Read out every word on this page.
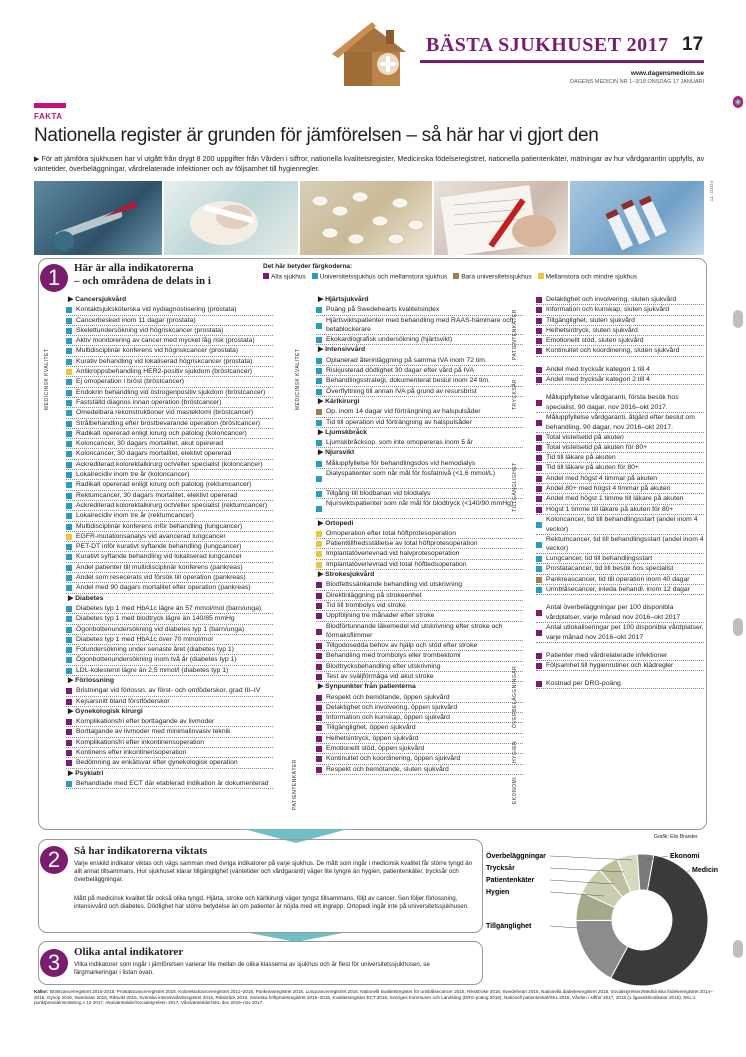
BÄSTA SJUKHUSET 2017 17
www.dagensmedicin.se
DAGENS MEDICIN NR 1–3/18 ONSDAG 17 JANUARI
FAKTA
Nationella register är grunden för jämförelsen – så här har vi gjort den

▶ För att jämföra sjukhusen har vi utgått från drygt 8 200 uppgifter från Vården i siffror, nationella kvalitetsregister, Medicinska födelseregistret, nationella patientenkäter, mätningar av hur vårdgarantin uppfylls, av väntetider, överbeläggningar, vårdrelaterade infektioner och av följsamhet till hygienregler.

FOTO: TT
1	Här är alla indikatorerna
– och områdena de delats in i
Det här betyder färgkoderna:
Alla sjukhus Universitetssjukhus och mellanstora sjukhus Bara universitetssjukhus Mellanstora och mindre sjukhus
▶ Cancersjukvård
Kontaktsjuksköterska vid nydiagnostisering (prostata)
Cancerbesked inom 11 dagar (prostata)
Skelettundersökning vid högriskcancer (prostata)
Aktiv monitorering av cancer med mycket låg risk (prostata)
Multidisciplinär konferens vid högriskcancer (prostata)
Kurativ behandling vid lokaliserad högriskcancer (prostata)
Antikroppsbehandling HER2-positiv sjukdom (bröstcancer)
Ej omoperation i bröst (bröstcancer)
Endokrin behandling vid östrogenpositiv sjukdom (bröstcancer)
Fastställd diagnos innan operation (bröstcancer)
Omedelbara rekonstruktioner vid mastektomi (bröstcancer)
Strålbehandling efter bröstbevarande operation (bröstcancer)
Radikalt opererad enligt kirurg och patolog (koloncancer)
Koloncancer, 30 dagars mortalitet, akut opererad
Koloncancer, 30 dagars mortalitet, elektivt opererad
Ackrediterad kolorektalkirurg och/eller specialist (koloncancer)
Lokalrecidiv inom tre år (koloncancer)
Radikalt opererad enligt kirurg och patolog (rektumcancer)
Rektumcancer, 30 dagars mortalitet, elektivt opererad
Ackrediterad kolorektalkirurg och/eller specialist (rektumcancer)
Lokalrecidiv inom tre år (rektumcancer)
Multidisciplinär konferens inför behandling (lungcancer)
EGFR-mutationsanalys vid avancerad lungcancer
PET-DT inför kurativt syftande behandling (lungcancer)
Kurativt syftande behandling vid lokaliserad lungcancer
Andel patienter till multidisciplinär konferens (pankreas)
Andel som resecerats vid försök till operation (pankreas)
Andel med 90 dagars mortalitet efter operation (pankreas)
▶ Diabetes
Diabetes typ 1 med HbA1c lägre än 57 mmol/mol (barn/unga)
Diabetes typ 1 med blodtryck lägre än 140/85 mmHg
Ögonbottenundersökning vid diabetes typ 1 (barn/unga)
Diabetes typ 1 med HbA1c över 70 mmol/mol
Fotundersökning under senaste året (diabetes typ 1)
Ögonbottenundersökning inom två år (diabetes typ 1)
LDL-kolesterol lägre än 2,5 mmol/l (diabetes typ 1)
▶ Förlossning
Bristningar vid förlossn. av först- och omföderskor, grad III–IV
Kejsarsnitt bland förstföderskor
▶ Gynekologisk kirurgi
Komplikationsfri efter borttagande av livmoder
Borttagande av livmoder med minimalinvasiv teknik
Komplikationsfri efter inkontinensoperation
Kontinens efter inkontinensoperation
Bedömning av enkätsvar efter gynekologisk operation
▶ Psykiatri
Behandlade med ECT där etablerad indikation är dokumenterad
▶ Hjärtsjukvård
Poäng på Swedehearts kvalitetsindex
Hjärtsviktspatienter med behandling med RAAS-hämmare och betablockerare
Ekokardiografisk undersökning (hjärtsvikt)
▶ Intensivvård
Oplanerad återinläggning på samma IVA inom 72 tim.
Riskjusterad dödlighet 30 dagar efter vård på IVA
Behandlingsstrategi, dokumenterat beslut inom 24 tim.
Överflyttning till annan IVA på grund av resursbrist
▶ Kärlkirurgi
Op. inom 14 dagar vid förträngning av halspulsåder
Tid till operation vid förträngning av halspulsåder
▶ Ljumskbråck
Ljumskbråcksop. som inte omopereras inom 5 år
▶ Njursvikt
Måluppfyllelse för behandlingsdos vid hemodialys
Dialyspatienter som når mål för fosfatnivå (<1,6 mmol/L)
Tillgång till blodbanan vid blodialys
Njursviktspatienter som når mål för blodtryck (<140/90 mmHg)
▶ Ortopedi
Omoperation efter total höftprotesoperation
Patienttillfredsställelse av total höftprotesoperation
Implantatöverlevnad vid halvprotesoperation
Implantatöverlevnad vid total höftledsoperation
▶ Strokesjukvård
Blodfettssänkande behandling vid utskrivning
Direktinläggning på strokeenhet
Tid till trombolys vid stroke
Uppföljning tre månader efter stroke
Blodförtunnande läkemedel vid utskrivning efter stroke och förmaksflimmer
Tillgodosedda behov av hjälp och stöd efter stroke
Behandling med trombolys eller trombektomi
Blodtrycksbehandling efter utskrivning
Test av sväljförmåga vid akut stroke
▶ Synpunkter från patienterna
Respekt och bemötande, öppen sjukvård
Delaktighet och involvering, öppen sjukvård
Information och kunskap, öppen sjukvård
Tillgänglighet, öppen sjukvård
Helhetsintryck, öppen sjukvård
Emotionellt stöd, öppen sjukvård
Kontinuitet och koordinering, öppen sjukvård
Respekt och bemötande, sluten sjukvård
Delaktighet och involvering, sluten sjukvård
Information och kunskap, sluten sjukvård
Tillgänglighet, sluten sjukvård
Helhetsintryck, sluten sjukvård
Emotionellt stöd, sluten sjukvård
Kontinuitet och koordinering, sluten sjukvård
Andel med trycksår kategori 1 till 4
Andel med trycksår kategori 2 till 4
Måluppfyllelse vårdgaranti, första besök hos specialist, 90 dagar, nov 2016–okt 2017.
Måluppfyllelse vårdgaranti, åtgärd efter beslut om behandling, 90 dagar, nov 2016–okt 2017.
Total vistelsetid på akuten
Total vistelsetid på akuten för 80+
Tid till läkare på akuten
Tid till läkare på akuten för 80+
Andel med högst 4 timmar på akuten
Andel 80+ med högst 4 timmar på akuten
Andel med högst 1 timme till läkare på akuten
Högst 1 timme till läkare på akuten för 80+
Koloncancer, tid till behandlingsstart (andel inom 4 veckor)
Rektumcancer, tid till behandlingsstart (andel inom 4 veckor)
Lungcancer, tid till behandlingsstart
Prostatacancer, tid till besök hos specialist
Pankreascancer, tid till operation inom 40 dagar
Urinblåsecancer, inleda behandl. inom 12 dagar
Antal överbeläggningar per 100 disponibla vårdplatser, varje månad nov 2016–okt 2017
Antal utlokaliseringar per 100 disponibla vårdplatser, varje månad nov 2016–okt 2017
Patienter med vårdrelaterade infektioner
Följsamhet till hygienrutiner och klädregler
Kostnad per DRG-poäng
MEDICINSK KVALITET	MEDICINSK KVALITET
PATIENTENKÄTER
PATIENTENKÄTER
TRYCKSÅR
TILLGÄNGLIGHET
ÖVERBELÄGGNINGAR
HYGIEN
EKONOMI
Grafik: Elin Brander
2	Så har indikatorerna viktats
Varje enskild indikator viktas och vägs samman med övriga indikatorer på varje sjukhus. De mått som ingår i medicinsk kvalitet får större tyngd än allt annat tillsammans. Hur sjukhuset klarar tillgänglighet (väntetider och vårdgaranti) väger lite tyngre än hygien, patientenkäter, trycksår och överbeläggningar.
Mått på medicinsk kvalitet får också olika tyngd. Hjärta, stroke och kärlkirurgi väger tyngst tillsammans, följt av cancer. Sen följer förlossning, intensivvård och diabetes. Dödlighet har större betydelse än om patienter är nöjda med ett ingrepp. Ortopedi ingår inte på universitetssjukhusen.
3	Olika antal indikatorer
Vilka indikatorer som ingår i jämförelsen varierar lite mellan de olika klasserna av sjukhus och är flest för universitetssjukhusen, se färgmarkeringar i listan ovan.
Medicin
Tillgänglighet
Hygien
Patientenkäter
Trycksår
Överbeläggningar	Ekonomi
Källor: Bröstcancerregistret 2015-2016, Prostatacancerregistret 2016, Kolorektalcancerregistret 2011–2016, Pankreasregistret 2016, Lungcancerregistret 2016, Nationellt kvalitetsregister för urinblåsecancer 2016, Riksstroke 2016, Swedeheart 2016, Nationella diabetesregistret 2016, Socialstyrelsen/Medicinska födelseregistret 2014–2015, Gynop 2016, Swedvasc 2016, Riksvikt 2016, Svenska intensivvårdsregistret 2016, Riksbråck 2016, Svenska höftprotesregistret 2015–2016, Kvalitetsregister ECT 2016, Sveriges Kommuner och Landsting (DRG-poäng 2016), Nationell patientenkät/SKL 2016, Vården i siffror 2017, 2016 (1 ligavsikt/indikator 2015), SKL:s punktprevalensmätning v 10 2017, Akutväntetider/Socialstyrelsen 2017, Vårdväntetider/SKL dec 2016–nov 2017.
